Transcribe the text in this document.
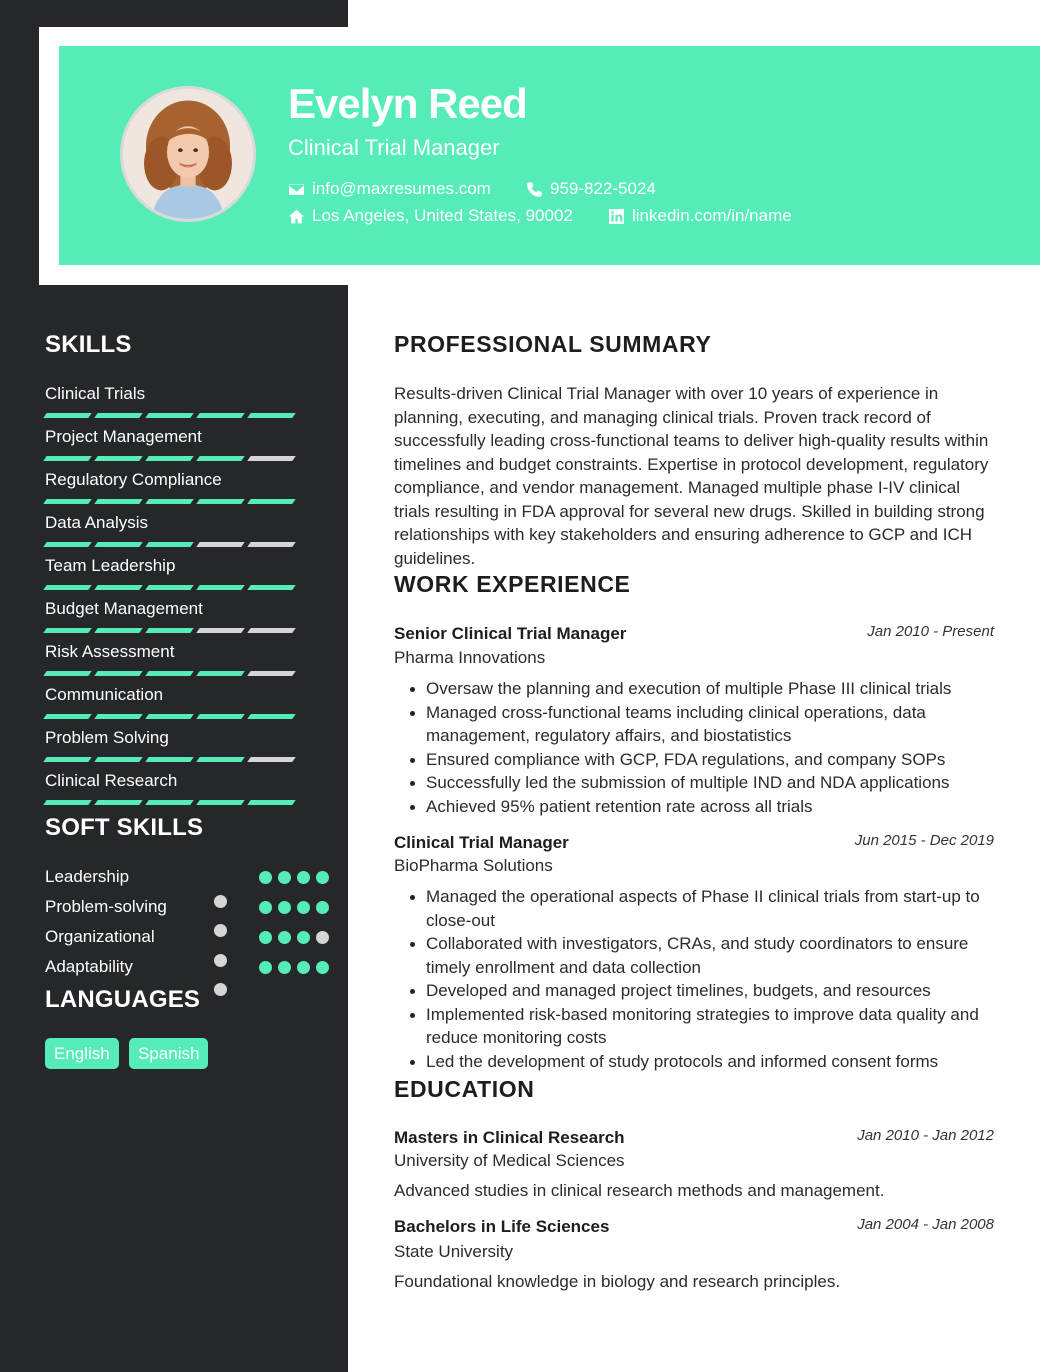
Evelyn Reed
Clinical Trial Manager
info@maxresumes.com	959-822-5024
Los Angeles, United States, 90002	linkedin.com/in/name
SKILLS
Clinical Trials
Project Management
Regulatory Compliance
Data Analysis
Team Leadership
Budget Management
Risk Assessment
Communication
Problem Solving
Clinical Research
SOFT SKILLS
Leadership
Problem-solving
Organizational
Adaptability
LANGUAGES
English	Spanish
PROFESSIONAL SUMMARY
Results-driven Clinical Trial Manager with over 10 years of experience in planning, executing, and managing clinical trials. Proven track record of successfully leading cross-functional teams to deliver high-quality results within timelines and budget constraints. Expertise in protocol development, regulatory compliance, and vendor management. Managed multiple phase I-IV clinical trials resulting in FDA approval for several new drugs. Skilled in building strong relationships with key stakeholders and ensuring adherence to GCP and ICH guidelines.
WORK EXPERIENCE
Senior Clinical Trial Manager	Jan 2010 - Present
Pharma Innovations
Oversaw the planning and execution of multiple Phase III clinical trials
Managed cross-functional teams including clinical operations, data management, regulatory affairs, and biostatistics
Ensured compliance with GCP, FDA regulations, and company SOPs
Successfully led the submission of multiple IND and NDA applications
Achieved 95% patient retention rate across all trials
Clinical Trial Manager	Jun 2015 - Dec 2019
BioPharma Solutions
Managed the operational aspects of Phase II clinical trials from start-up to close-out
Collaborated with investigators, CRAs, and study coordinators to ensure timely enrollment and data collection
Developed and managed project timelines, budgets, and resources
Implemented risk-based monitoring strategies to improve data quality and reduce monitoring costs
Led the development of study protocols and informed consent forms
EDUCATION
Masters in Clinical Research	Jan 2010 - Jan 2012
University of Medical Sciences
Advanced studies in clinical research methods and management.
Bachelors in Life Sciences	Jan 2004 - Jan 2008
State University
Foundational knowledge in biology and research principles.
